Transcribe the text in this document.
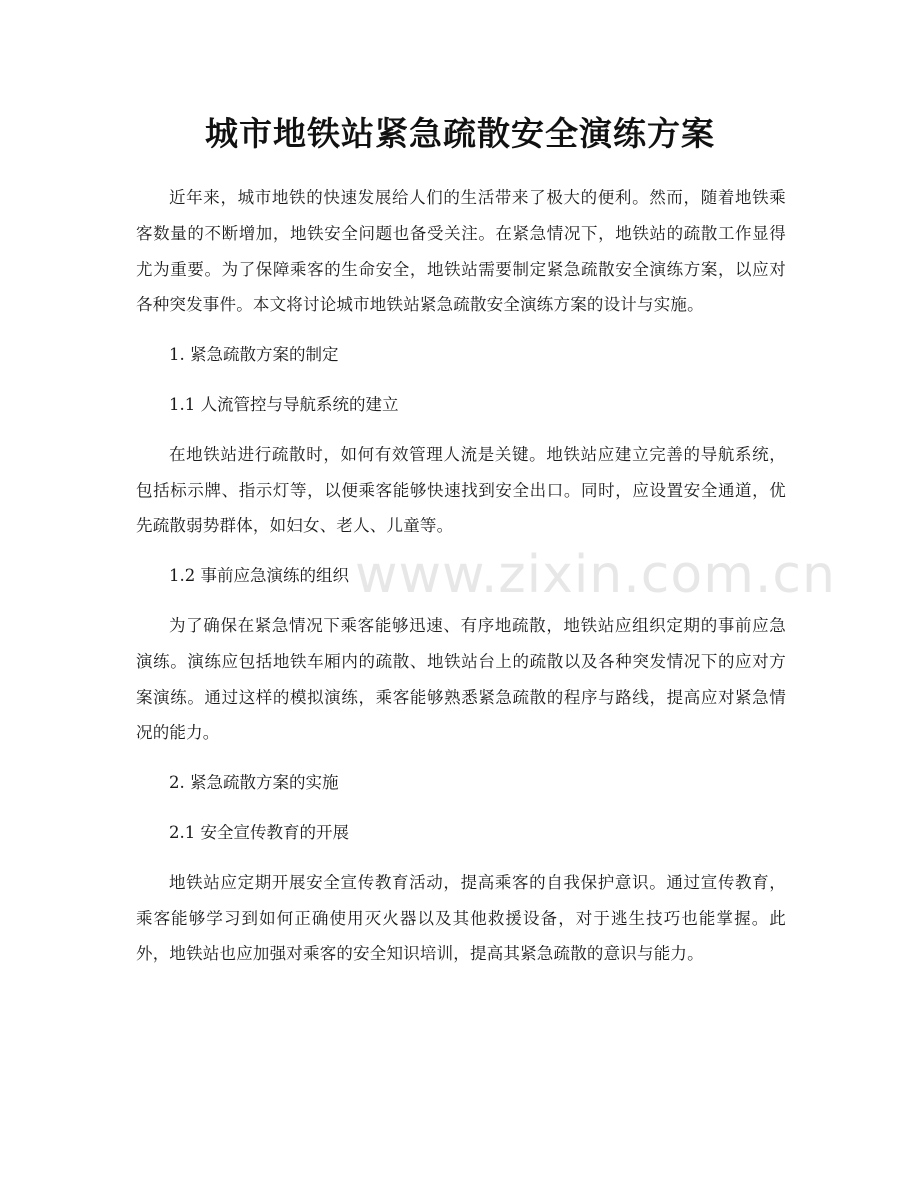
城市地铁站紧急疏散安全演练方案

近年来，城市地铁的快速发展给人们的生活带来了极大的便利。然而，随着地铁乘客数量的不断增加，地铁安全问题也备受关注。在紧急情况下，地铁站的疏散工作显得尤为重要。为了保障乘客的生命安全，地铁站需要制定紧急疏散安全演练方案，以应对各种突发事件。本文将讨论城市地铁站紧急疏散安全演练方案的设计与实施。

1. 紧急疏散方案的制定

1.1 人流管控与导航系统的建立

在地铁站进行疏散时，如何有效管理人流是关键。地铁站应建立完善的导航系统，包括标示牌、指示灯等，以便乘客能够快速找到安全出口。同时，应设置安全通道，优先疏散弱势群体，如妇女、老人、儿童等。

1.2 事前应急演练的组织

为了确保在紧急情况下乘客能够迅速、有序地疏散，地铁站应组织定期的事前应急演练。演练应包括地铁车厢内的疏散、地铁站台上的疏散以及各种突发情况下的应对方案演练。通过这样的模拟演练，乘客能够熟悉紧急疏散的程序与路线，提高应对紧急情况的能力。

2. 紧急疏散方案的实施

2.1 安全宣传教育的开展

地铁站应定期开展安全宣传教育活动，提高乘客的自我保护意识。通过宣传教育，乘客能够学习到如何正确使用灭火器以及其他救援设备，对于逃生技巧也能掌握。此外，地铁站也应加强对乘客的安全知识培训，提高其紧急疏散的意识与能力。

www.zixin.com.cn
